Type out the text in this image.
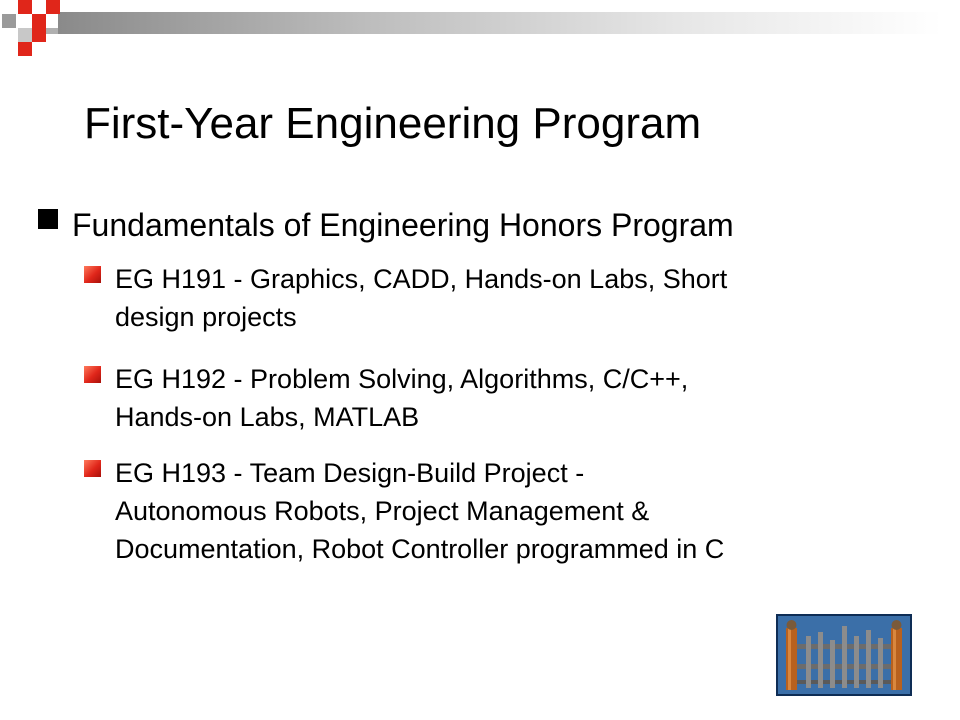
First-Year Engineering Program
Fundamentals of Engineering Honors Program
EG H191 - Graphics, CADD, Hands-on Labs, Short
design projects
EG H192 - Problem Solving, Algorithms, C/C++,
Hands-on Labs, MATLAB
EG H193 - Team Design-Build Project -
Autonomous Robots, Project Management &
Documentation, Robot Controller programmed in C
